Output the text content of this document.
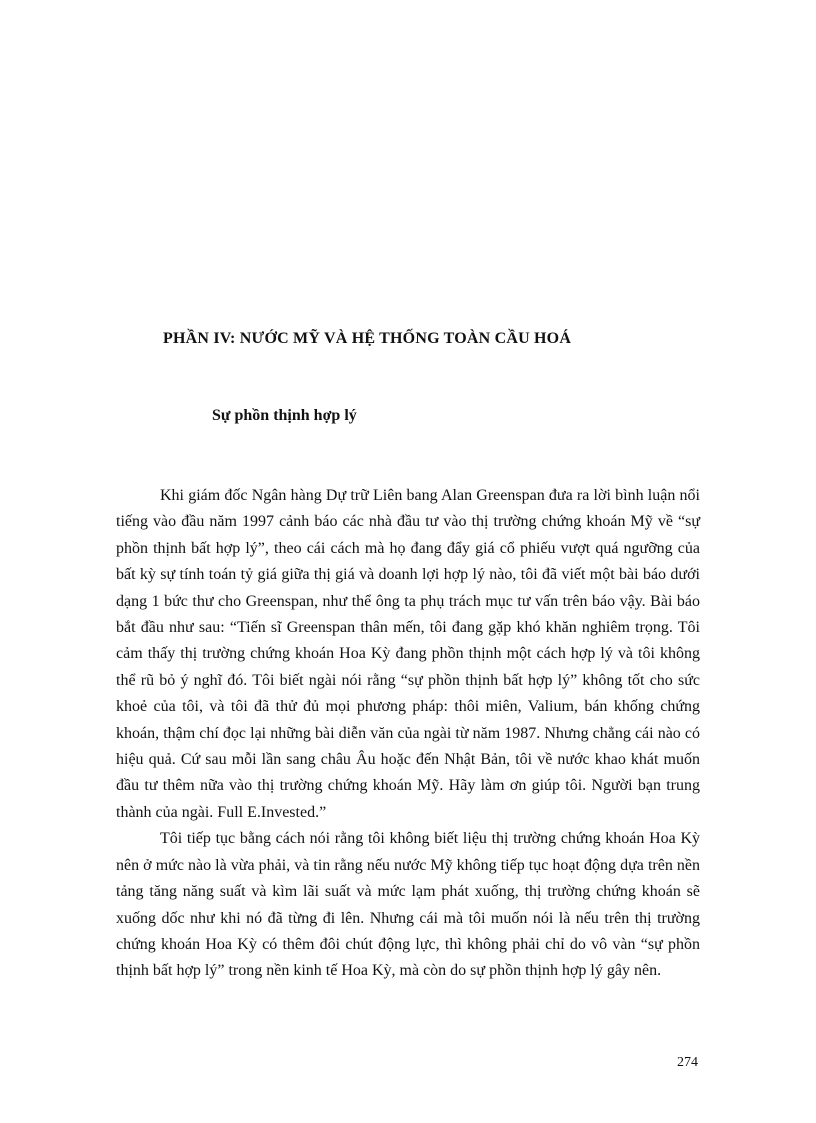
PHẦN IV: NƯỚC MỸ VÀ HỆ THỐNG TOÀN CẦU HOÁ
Sự phồn thịnh hợp lý

Khi giám đốc Ngân hàng Dự trữ Liên bang Alan Greenspan đưa ra lời bình luận nổi tiếng vào đầu năm 1997 cảnh báo các nhà đầu tư vào thị trường chứng khoán Mỹ về “sự phồn thịnh bất hợp lý”, theo cái cách mà họ đang đẩy giá cổ phiếu vượt quá ngưỡng của bất kỳ sự tính toán tỷ giá giữa thị giá và doanh lợi hợp lý nào, tôi đã viết một bài báo dưới dạng 1 bức thư cho Greenspan, như thể ông ta phụ trách mục tư vấn trên báo vậy. Bài báo bắt đầu như sau: “Tiến sĩ Greenspan thân mến, tôi đang gặp khó khăn nghiêm trọng. Tôi cảm thấy thị trường chứng khoán Hoa Kỳ đang phồn thịnh một cách hợp lý và tôi không thể rũ bỏ ý nghĩ đó. Tôi biết ngài nói rằng “sự phồn thịnh bất hợp lý” không tốt cho sức khoẻ của tôi, và tôi đã thử đủ mọi phương pháp: thôi miên, Valium, bán khống chứng khoán, thậm chí đọc lại những bài diễn văn của ngài từ năm 1987. Nhưng chẳng cái nào có hiệu quả. Cứ sau mỗi lần sang châu Âu hoặc đến Nhật Bản, tôi về nước khao khát muốn đầu tư thêm nữa vào thị trường chứng khoán Mỹ. Hãy làm ơn giúp tôi. Người bạn trung thành của ngài. Full E.Invested.”

Tôi tiếp tục bằng cách nói rằng tôi không biết liệu thị trường chứng khoán Hoa Kỳ nên ở mức nào là vừa phải, và tin rằng nếu nước Mỹ không tiếp tục hoạt động dựa trên nền tảng tăng năng suất và kìm lãi suất và mức lạm phát xuống, thị trường chứng khoán sẽ xuống dốc như khi nó đã từng đi lên. Nhưng cái mà tôi muốn nói là nếu trên thị trường chứng khoán Hoa Kỳ có thêm đôi chút động lực, thì không phải chỉ do vô vàn “sự phồn thịnh bất hợp lý” trong nền kinh tế Hoa Kỳ, mà còn do sự phồn thịnh hợp lý gây nên.

274
